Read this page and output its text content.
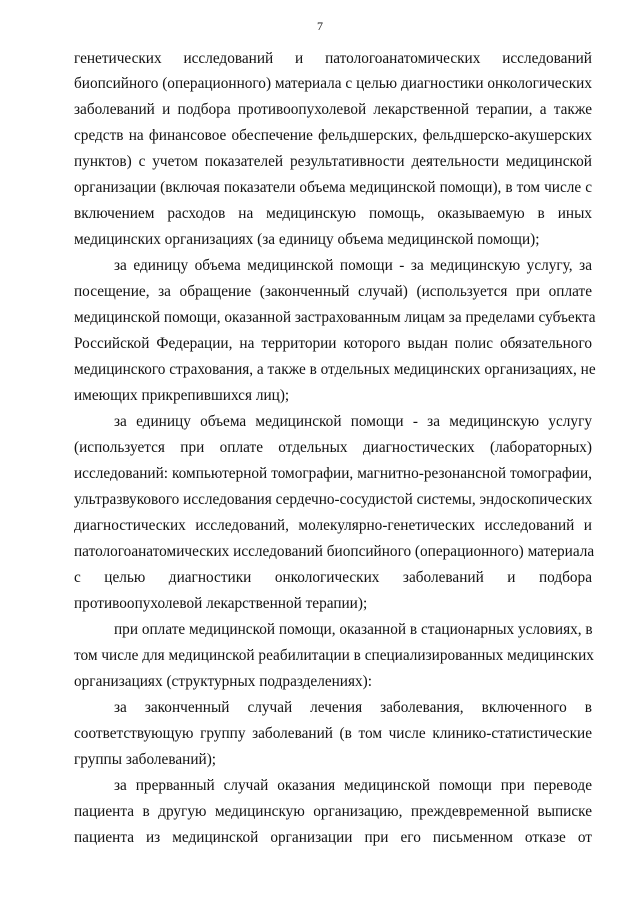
7
генетических исследований и патологоанатомических исследований
биопсийного (операционного) материала с целью диагностики онкологических
заболеваний и подбора противоопухолевой лекарственной терапии, а также
средств на финансовое обеспечение фельдшерских, фельдшерско-акушерских
пунктов) с учетом показателей результативности деятельности медицинской
организации (включая показатели объема медицинской помощи), в том числе с
включением расходов на медицинскую помощь, оказываемую в иных
медицинских организациях (за единицу объема медицинской помощи);
за единицу объема медицинской помощи - за медицинскую услугу, за
посещение, за обращение (законченный случай) (используется при оплате
медицинской помощи, оказанной застрахованным лицам за пределами субъекта
Российской Федерации, на территории которого выдан полис обязательного
медицинского страхования, а также в отдельных медицинских организациях, не
имеющих прикрепившихся лиц);
за единицу объема медицинской помощи - за медицинскую услугу
(используется при оплате отдельных диагностических (лабораторных)
исследований: компьютерной томографии, магнитно-резонансной томографии,
ультразвукового исследования сердечно-сосудистой системы, эндоскопических
диагностических исследований, молекулярно-генетических исследований и
патологоанатомических исследований биопсийного (операционного) материала
с целью диагностики онкологических заболеваний и подбора
противоопухолевой лекарственной терапии);
при оплате медицинской помощи, оказанной в стационарных условиях, в
том числе для медицинской реабилитации в специализированных медицинских
организациях (структурных подразделениях):
за законченный случай лечения заболевания, включенного в
соответствующую группу заболеваний (в том числе клинико-статистические
группы заболеваний);
за прерванный случай оказания медицинской помощи при переводе
пациента в другую медицинскую организацию, преждевременной выписке
пациента из медицинской организации при его письменном отказе от
